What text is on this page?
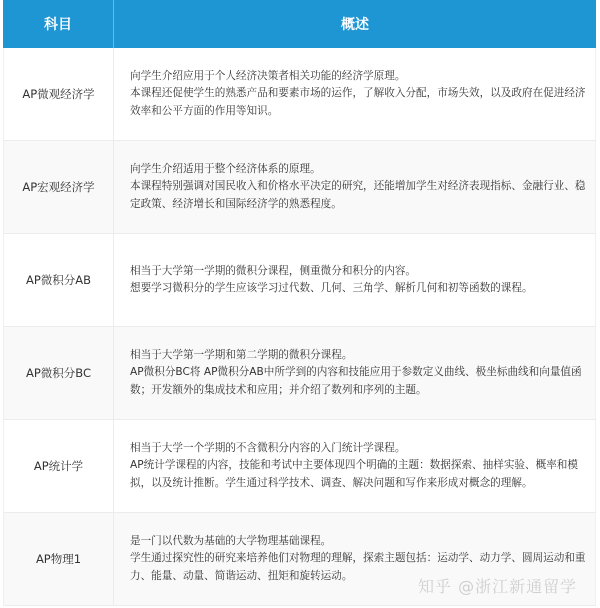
科目	概述
AP微观经济学
向学生介绍应用于个人经济决策者相关功能的经济学原理。
本课程还促使学生的熟悉产品和要素市场的运作，了解收入分配，市场失效，以及政府在促进经济效率和公平方面的作用等知识。
AP宏观经济学
向学生介绍适用于整个经济体系的原理。
本课程特别强调对国民收入和价格水平决定的研究，还能增加学生对经济表现指标、金融行业、稳定政策、经济增长和国际经济学的熟悉程度。
AP微积分AB
相当于大学第一学期的微积分课程，侧重微分和积分的内容。
想要学习微积分的学生应该学习过代数、几何、三角学、解析几何和初等函数的课程。
AP微积分BC
相当于大学第一学期和第二学期的微积分课程。
AP微积分BC将 AP微积分AB中所学到的内容和技能应用于参数定义曲线、极坐标曲线和向量值函数；开发额外的集成技术和应用；并介绍了数列和序列的主题。
AP统计学
相当于大学一个学期的不含微积分内容的入门统计学课程。
AP统计学课程的内容，技能和考试中主要体现四个明确的主题：数据探索、抽样实验、概率和模拟，以及统计推断。学生通过科学技术、调查、解决问题和写作来形成对概念的理解。
AP物理1
是一门以代数为基础的大学物理基础课程。
学生通过探究性的研究来培养他们对物理的理解，探索主题包括：运动学、动力学、圆周运动和重力、能量、动量、简谐运动、扭矩和旋转运动。
知乎 @浙江新通留学
